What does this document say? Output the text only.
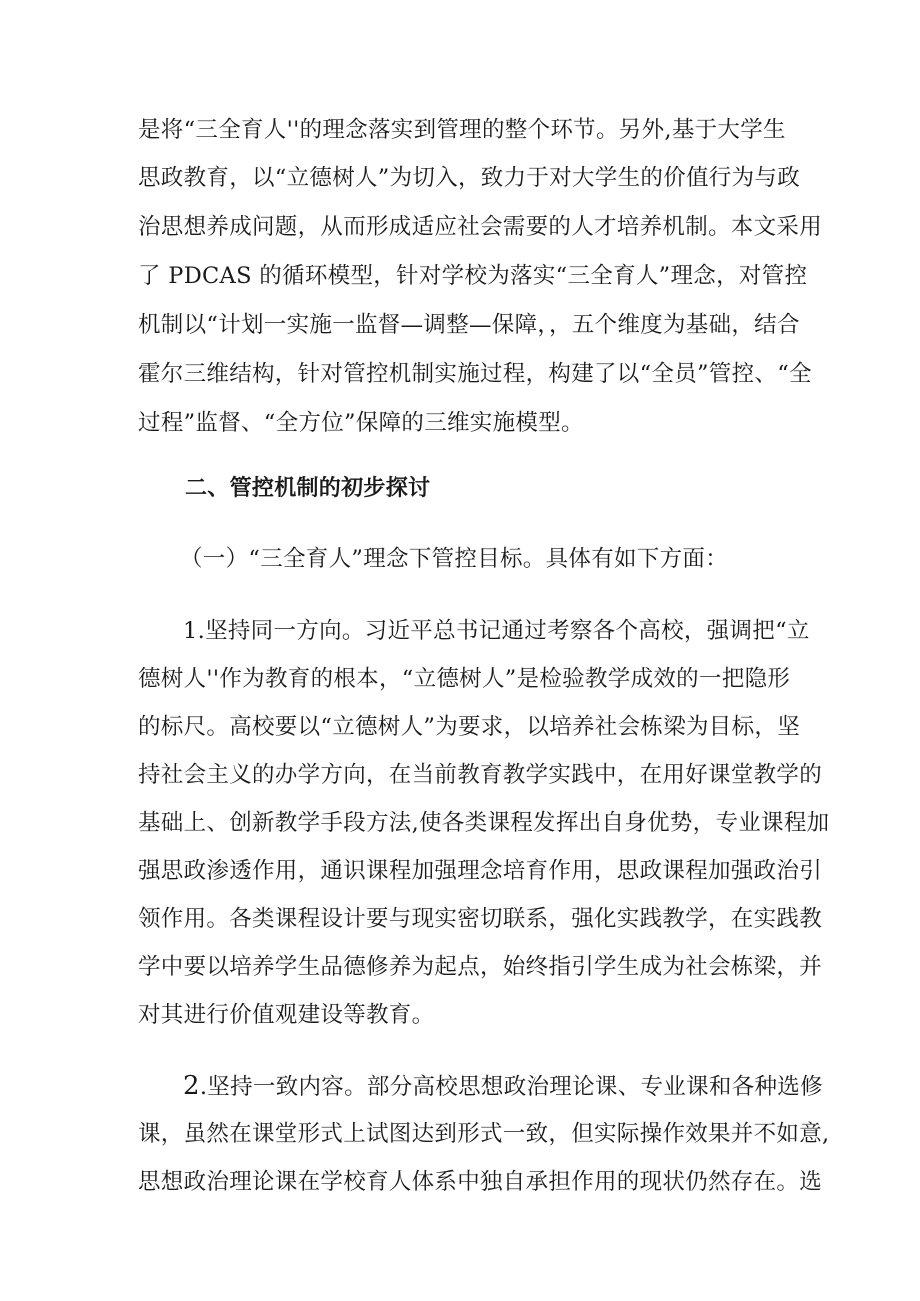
是将“三全育人''的理念落实到管理的整个环节。另外,基于大学生
思政教育，以“立德树人”为切入，致力于对大学生的价值行为与政
治思想养成问题，从而形成适应社会需要的人才培养机制。本文采用
了 PDCAS 的循环模型，针对学校为落实“三全育人”理念，对管控
机制以“计划一实施一监督—调整—保障，，五个维度为基础，结合
霍尔三维结构，针对管控机制实施过程，构建了以“全员”管控、“全
过程”监督、“全方位”保障的三维实施模型。
二、管控机制的初步探讨
（一）“三全育人”理念下管控目标。具体有如下方面：
1.坚持同一方向。习近平总书记通过考察各个高校，强调把“立
德树人''作为教育的根本，“立德树人”是检验教学成效的一把隐形
的标尺。高校要以“立德树人”为要求，以培养社会栋梁为目标，坚
持社会主义的办学方向，在当前教育教学实践中，在用好课堂教学的
基础上、创新教学手段方法,使各类课程发挥出自身优势，专业课程加
强思政渗透作用，通识课程加强理念培育作用，思政课程加强政治引
领作用。各类课程设计要与现实密切联系，强化实践教学，在实践教
学中要以培养学生品德修养为起点，始终指引学生成为社会栋梁，并
对其进行价值观建设等教育。
2.坚持一致内容。部分高校思想政治理论课、专业课和各种选修
课，虽然在课堂形式上试图达到形式一致，但实际操作效果并不如意,
思想政治理论课在学校育人体系中独自承担作用的现状仍然存在。选
